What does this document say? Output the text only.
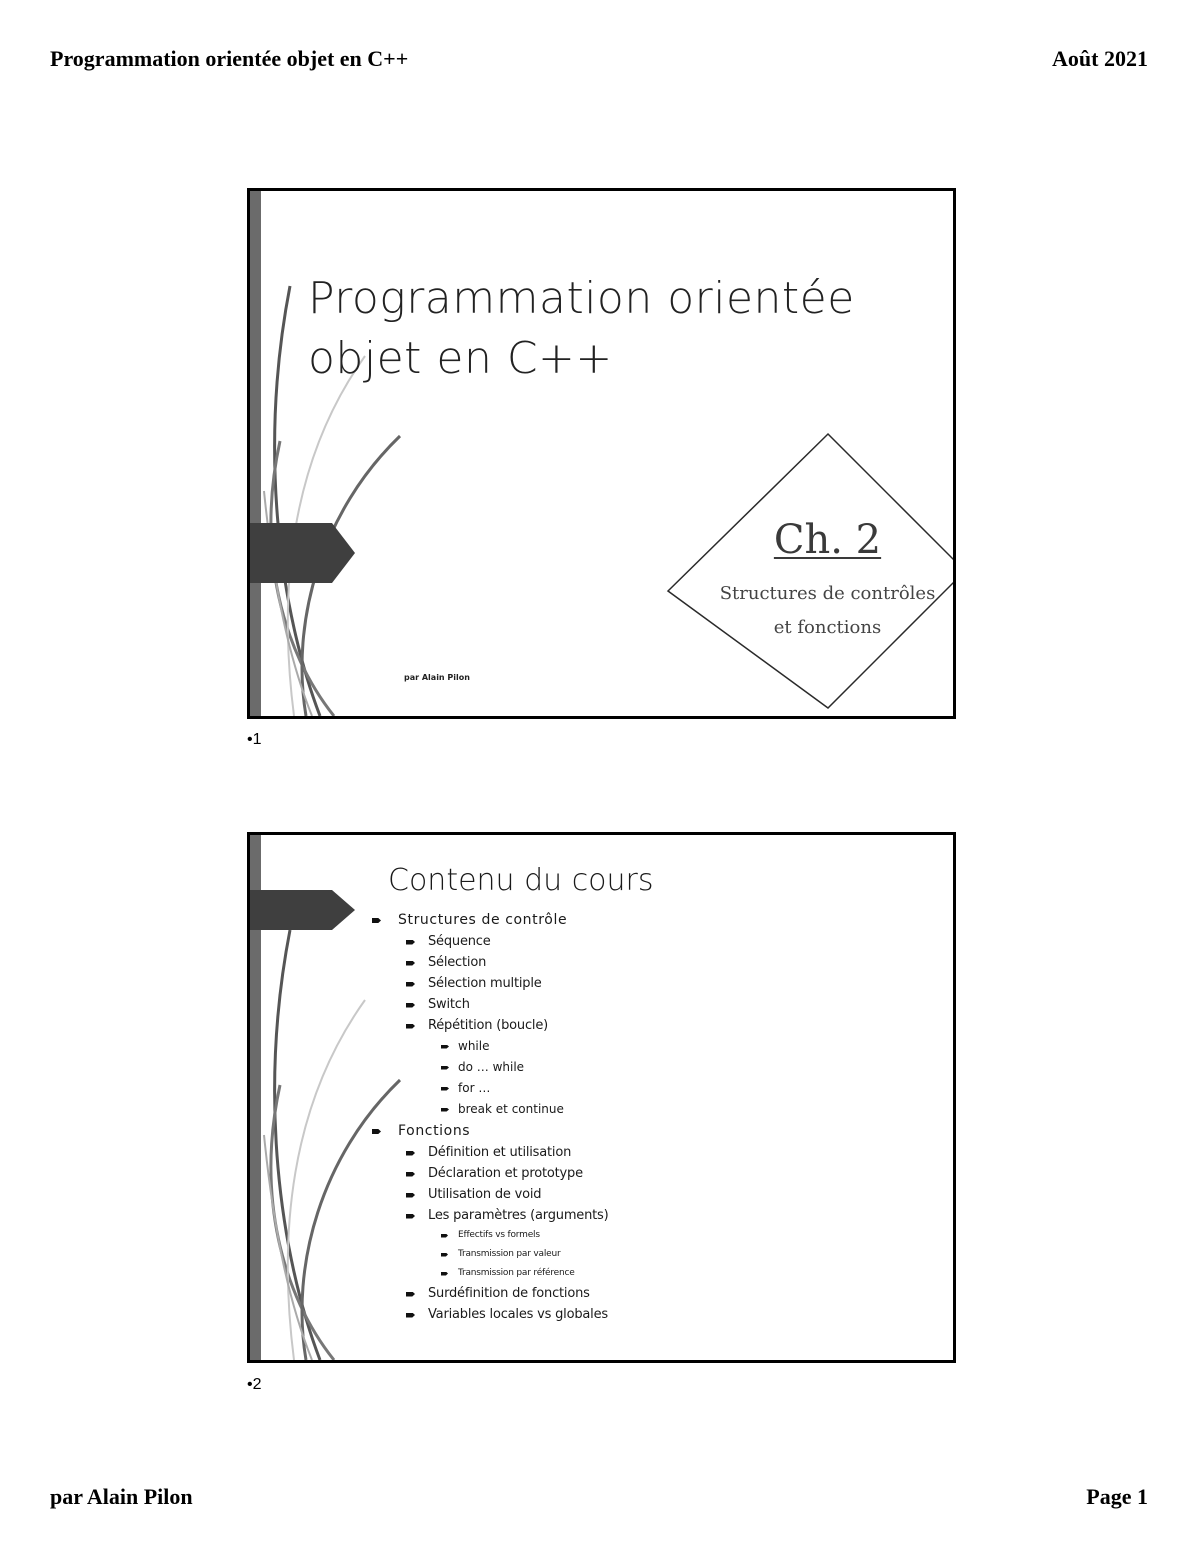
Programmation orientée objet en C++	Août 2021
Programmation orientée objet en C++
Ch. 2
Structures de contrôles
et fonctions
par Alain Pilon
•1
Contenu du cours
Structures de contrôle
Séquence
Sélection
Sélection multiple
Switch
Répétition (boucle)
while
do … while
for …
break et continue
Fonctions
Définition et utilisation
Déclaration et prototype
Utilisation de void
Les paramètres (arguments)
Effectifs vs formels
Transmission par valeur
Transmission par référence
Surdéfinition de fonctions
Variables locales vs globales
•2
par Alain Pilon	Page 1
